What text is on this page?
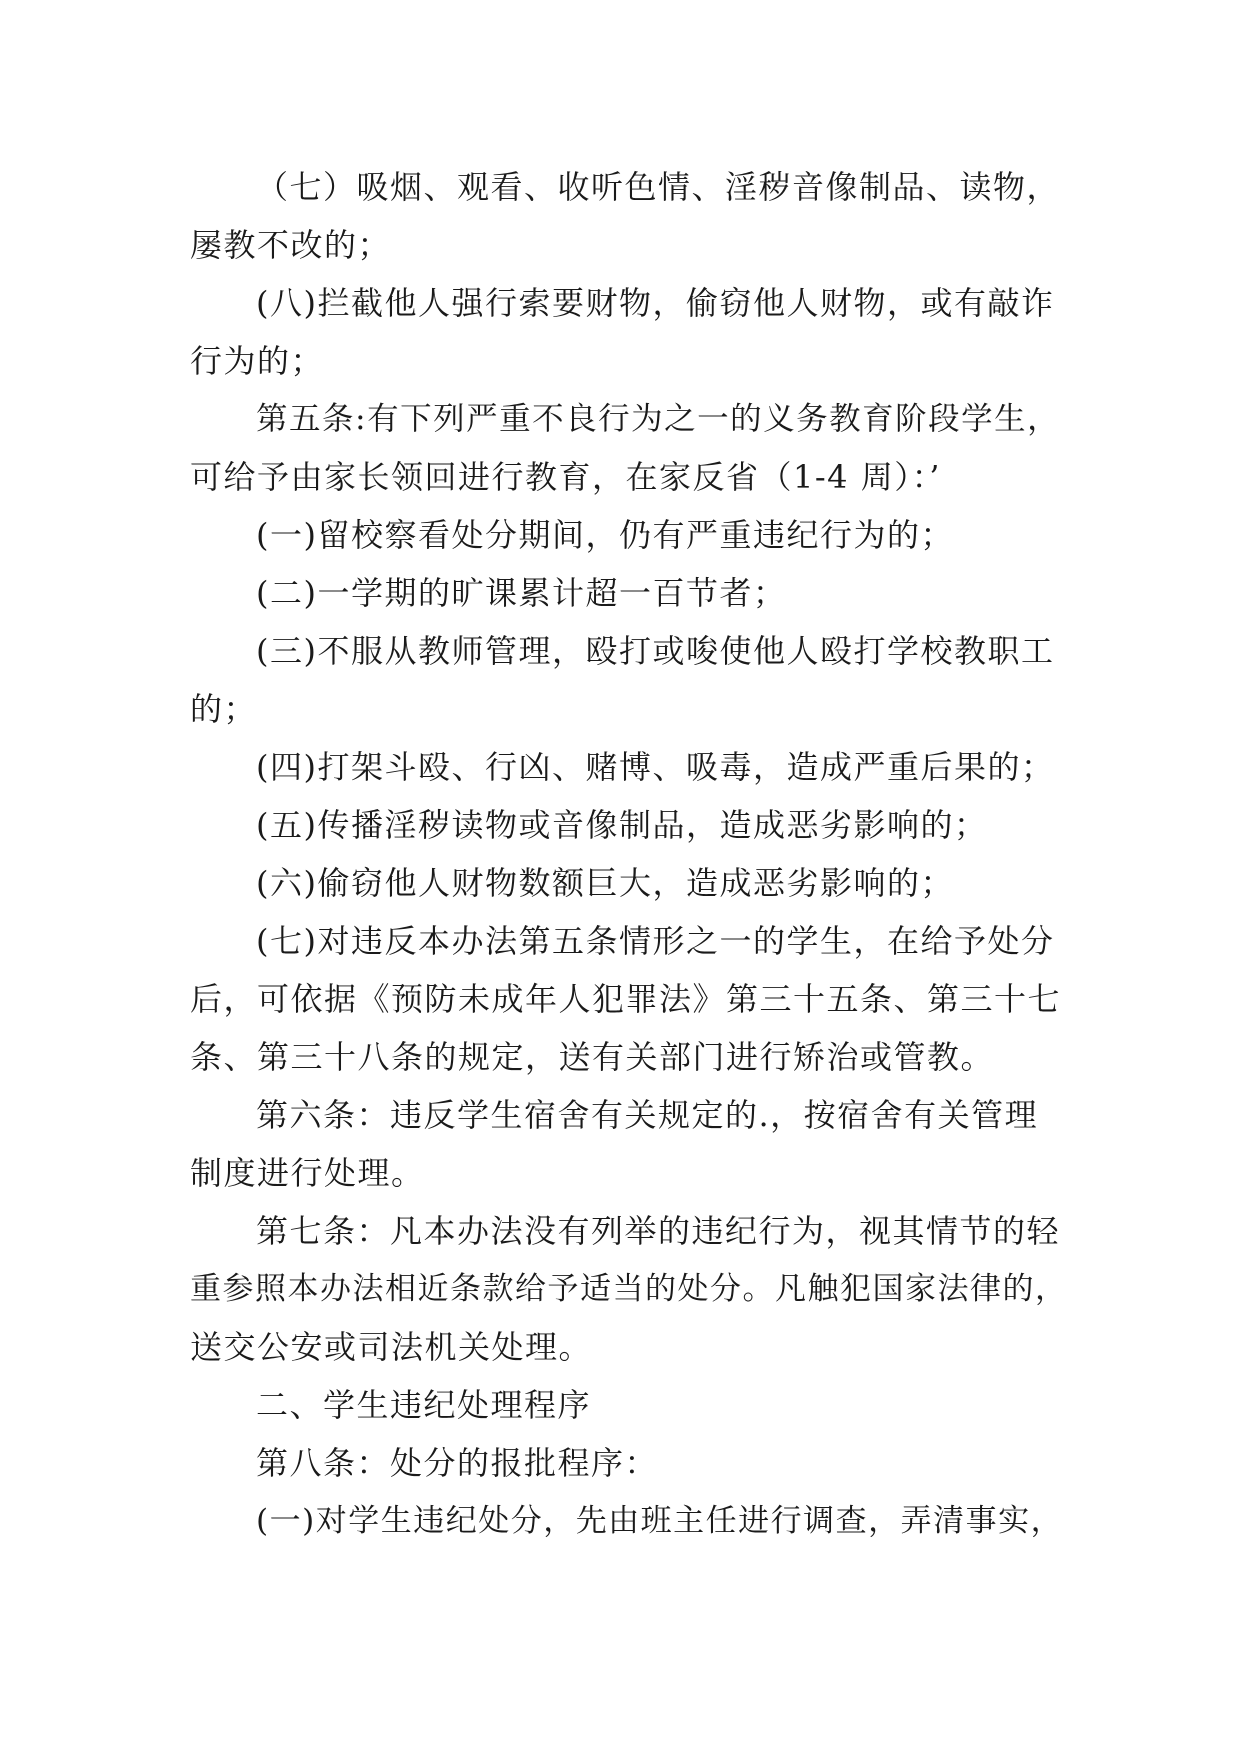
（七）吸烟、观看、收听色情、淫秽音像制品、读物，
屡教不改的；
(八)拦截他人强行索要财物，偷窃他人财物，或有敲诈
行为的；
第五条:有下列严重不良行为之一的义务教育阶段学生，
可给予由家长领回进行教育，在家反省（1-4 周）：’
(一)留校察看处分期间，仍有严重违纪行为的；
(二)一学期的旷课累计超一百节者；
(三)不服从教师管理，殴打或唆使他人殴打学校教职工
的；
(四)打架斗殴、行凶、赌博、吸毒，造成严重后果的；
(五)传播淫秽读物或音像制品，造成恶劣影响的；
(六)偷窃他人财物数额巨大，造成恶劣影响的；
(七)对违反本办法第五条情形之一的学生，在给予处分
后，可依据《预防未成年人犯罪法》第三十五条、第三十七
条、第三十八条的规定，送有关部门进行矫治或管教。
第六条：违反学生宿舍有关规定的.，按宿舍有关管理
制度进行处理。
第七条：凡本办法没有列举的违纪行为，视其情节的轻
重参照本办法相近条款给予适当的处分。凡触犯国家法律的，
送交公安或司法机关处理。
二、学生违纪处理程序
第八条：处分的报批程序：
(一)对学生违纪处分，先由班主任进行调查，弄清事实，
